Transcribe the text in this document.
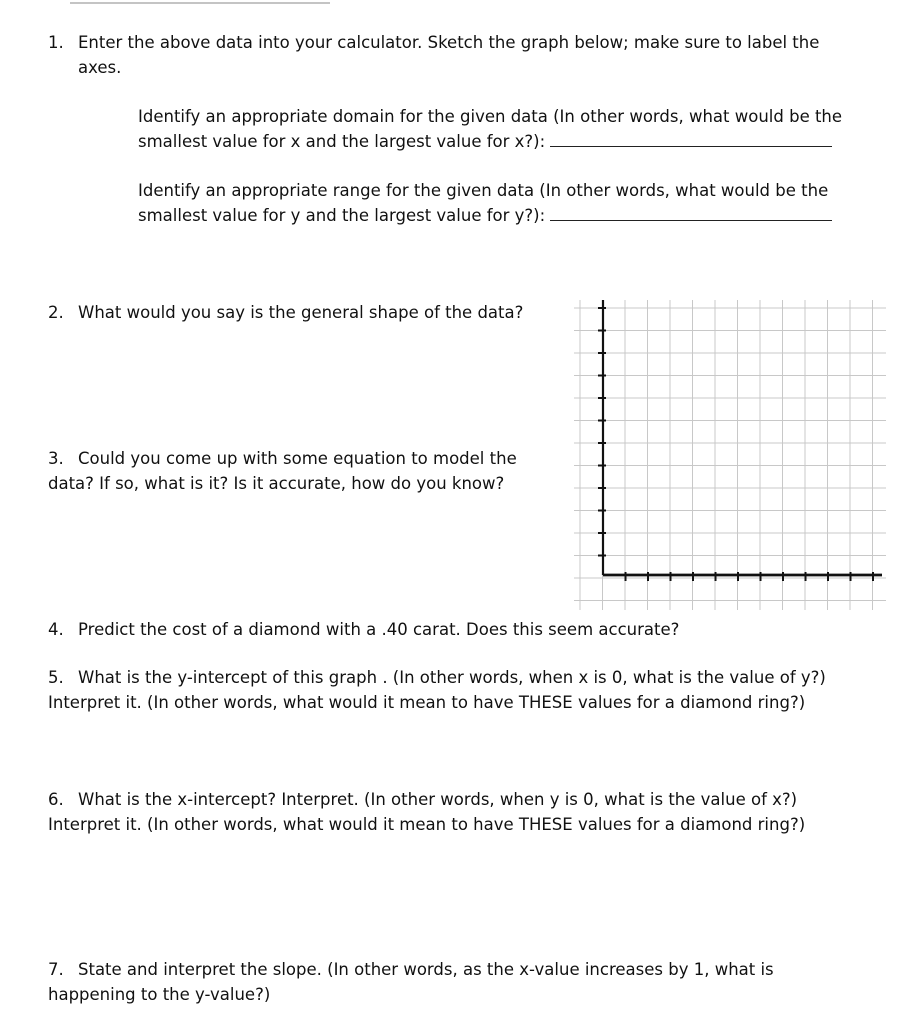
1. Enter the above data into your calculator. Sketch the graph below; make sure to label the
axes.

Identify an appropriate domain for the given data (In other words, what would be the
smallest value for x and the largest value for x?):
Identify an appropriate range for the given data (In other words, what would be the
smallest value for y and the largest value for y?):

2. What would you say is the general shape of the data?

3. Could you come up with some equation to model the
data? If so, what is it? Is it accurate, how do you know?

4. Predict the cost of a diamond with a .40 carat. Does this seem accurate?

5. What is the y-intercept of this graph . (In other words, when x is 0, what is the value of y?)
Interpret it. (In other words, what would it mean to have THESE values for a diamond ring?)

6. What is the x-intercept? Interpret. (In other words, when y is 0, what is the value of x?)
Interpret it. (In other words, what would it mean to have THESE values for a diamond ring?)

7. State and interpret the slope. (In other words, as the x-value increases by 1, what is
happening to the y-value?)
